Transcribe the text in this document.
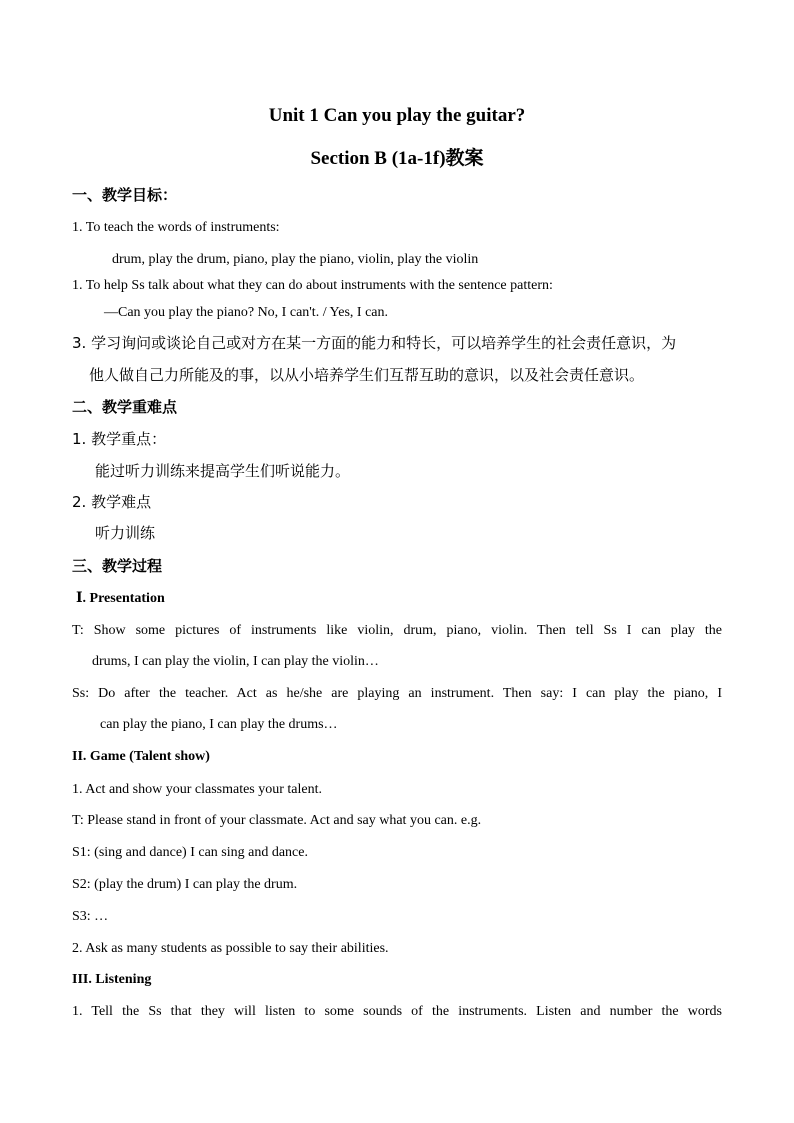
Unit 1 Can you play the guitar?
Section B (1a-1f)教案
一、教学目标：
1. To teach the words of instruments:
drum, play the drum, piano, play the piano, violin, play the violin
1. To help Ss talk about what they can do about instruments with the sentence pattern:
—Can you play the piano? No, I can't. / Yes, I can.
3. 学习询问或谈论自己或对方在某一方面的能力和特长，可以培养学生的社会责任意识，为
他人做自己力所能及的事，以从小培养学生们互帮互助的意识，以及社会责任意识。
二、教学重难点
1. 教学重点：
能过听力训练来提高学生们听说能力。
2. 教学难点
听力训练
三、教学过程
Ⅰ. Presentation
T: Show some pictures of instruments like violin, drum, piano, violin. Then tell Ss I can play the
drums, I can play the violin, I can play the violin…
Ss: Do after the teacher. Act as he/she are playing an instrument. Then say: I can play the piano, I
can play the piano, I can play the drums…
II. Game (Talent show)
1. Act and show your classmates your talent.
T: Please stand in front of your classmate. Act and say what you can. e.g.
S1: (sing and dance) I can sing and dance.
S2: (play the drum) I can play the drum.
S3: …
2. Ask as many students as possible to say their abilities.
III. Listening
1. Tell the Ss that they will listen to some sounds of the instruments. Listen and number the words
